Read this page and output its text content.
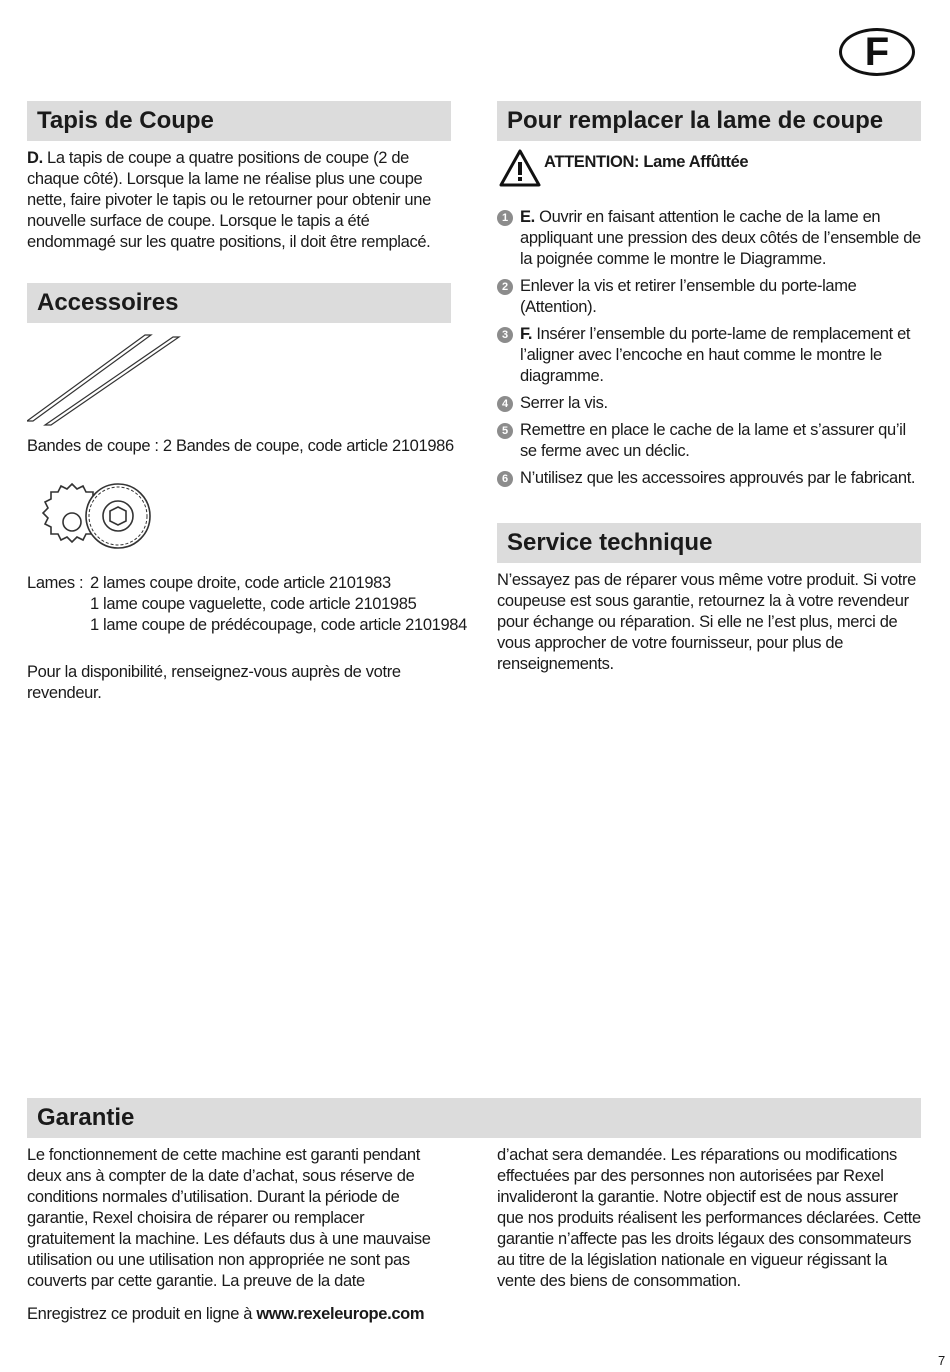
F
Tapis de Coupe

D. La tapis de coupe a quatre positions de coupe (2 de chaque côté). Lorsque la lame ne réalise plus une coupe nette, faire pivoter le tapis ou le retourner pour obtenir une nouvelle surface de coupe. Lorsque le tapis a été endommagé sur les quatre positions, il doit être remplacé.

Accessoires
Bandes de coupe : 2 Bandes de coupe, code article 2101986
Lames : 2 lames coupe droite, code article 2101983
1 lame coupe vaguelette, code article 2101985
1 lame coupe de prédécoupage, code article 2101984
Pour la disponibilité, renseignez-vous auprès de votre revendeur.
Pour remplacer la lame de coupe
ATTENTION: Lame Affûttée
1 E. Ouvrir en faisant attention le cache de la lame en appliquant une pression des deux côtés de l’ensemble de la poignée comme le montre le Diagramme.
2 Enlever la vis et retirer l’ensemble du porte-lame (Attention).
3 F. Insérer l’ensemble du porte-lame de remplacement et l’aligner avec l’encoche en haut comme le montre le diagramme.
4 Serrer la vis.
5 Remettre en place le cache de la lame et s’assurer qu’il se ferme avec un déclic.
6 N’utilisez que les accessoires approuvés par le fabricant.
Service technique
N’essayez pas de réparer vous même votre produit. Si votre coupeuse est sous garantie, retournez la à votre revendeur pour échange ou réparation. Si elle ne l’est plus, merci de vous approcher de votre fournisseur, pour plus de renseignements.
Garantie
Le fonctionnement de cette machine est garanti pendant deux ans à compter de la date d’achat, sous réserve de conditions normales d’utilisation. Durant la période de garantie, Rexel choisira de réparer ou remplacer gratuitement la machine. Les défauts dus à une mauvaise utilisation ou une utilisation non appropriée ne sont pas couverts par cette garantie. La preuve de la date
Enregistrez ce produit en ligne à www.rexeleurope.com
d’achat sera demandée. Les réparations ou modifications effectuées par des personnes non autorisées par Rexel invalideront la garantie. Notre objectif est de nous assurer que nos produits réalisent les performances déclarées. Cette garantie n’affecte pas les droits légaux des consommateurs au titre de la législation nationale en vigueur régissant la vente des biens de consommation.
7
